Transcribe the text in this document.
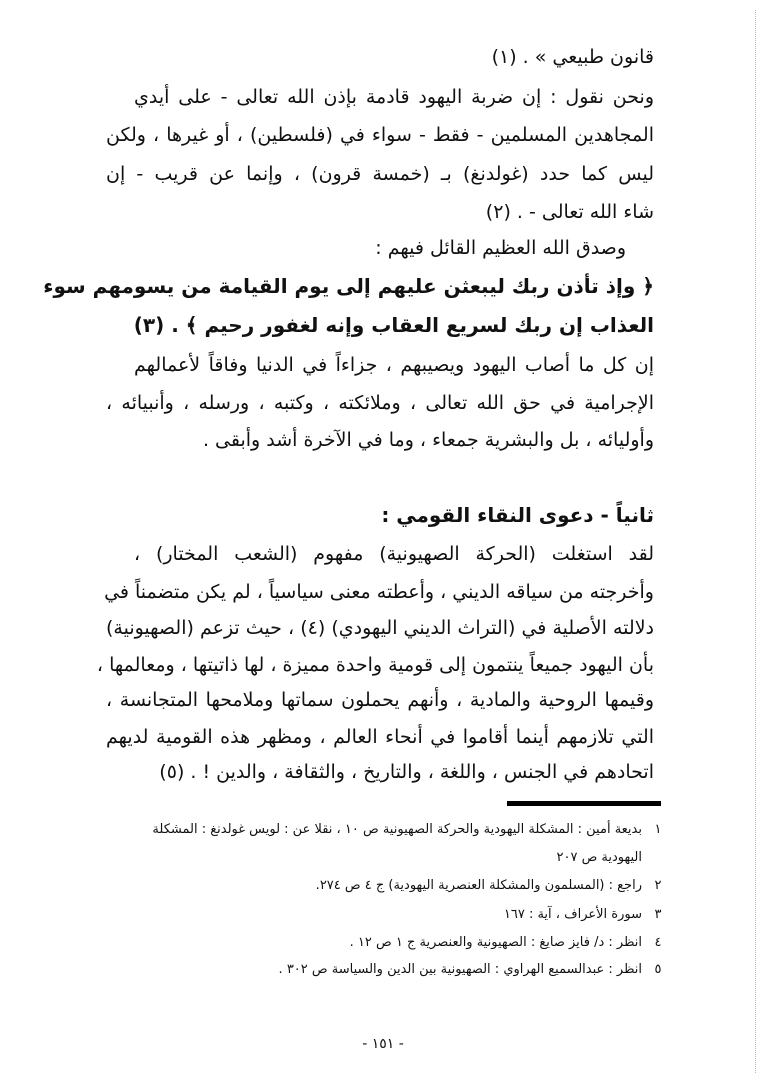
قانون طبيعي » . (١)
ونحن نقول : إن ضربة اليهود قادمة بإذن الله تعالى - على أيدي
المجاهدين المسلمين - فقط - سواء في (فلسطين) ، أو غيرها ، ولكن
ليس كما حدد (غولدنغ) بـ (خمسة قرون) ، وإنما عن قريب - إن
شاء الله تعالى - . (٢)
وصدق الله العظيم القائل فيهم :
﴿ وإذ تأذن ربك ليبعثن عليهم إلى يوم القيامة من يسومهم سوء
العذاب إن ربك لسريع العقاب وإنه لغفور رحيم ﴾ . (٣)
إن كل ما أصاب اليهود ويصيبهم ، جزاءاً في الدنيا وفاقاً لأعمالهم
الإجرامية في حق الله تعالى ، وملائكته ، وكتبه ، ورسله ، وأنبيائه ،
وأوليائه ، بل والبشرية جمعاء ، وما في الآخرة أشد وأبقى .
ثانياً - دعوى النقاء القومي :
لقد استغلت (الحركة الصهيونية) مفهوم (الشعب المختار) ،
وأخرجته من سياقه الديني ، وأعطته معنى سياسياً ، لم يكن متضمناً في
دلالته الأصلية في (التراث الديني اليهودي) (٤) ، حيث تزعم (الصهيونية)
بأن اليهود جميعاً ينتمون إلى قومية واحدة مميزة ، لها ذاتيتها ، ومعالمها ،
وقيمها الروحية والمادية ، وأنهم يحملون سماتها وملامحها المتجانسة ،
التي تلازمهم أينما أقاموا في أنحاء العالم ، ومظهر هذه القومية لديهم
اتحادهم في الجنس ، واللغة ، والتاريخ ، والثقافة ، والدين ! . (٥)
١بديعة أمين : المشكلة اليهودية والحركة الصهيونية ص ١٠ ، نقلا عن : لويس غولدنغ : المشكلة
اليهودية ص ٢٠٧
٢راجع : (المسلمون والمشكلة العنصرية اليهودية) ج ٤ ص ٢٧٤.
٣سورة الأعراف ، آية : ١٦٧
٤انظر : د/ فايز صايغ : الصهيونية والعنصرية ج ١ ص ١٢ .
٥انظر : عبدالسميع الهراوي : الصهيونية بين الدين والسياسة ص ٣٠٢ .
- ١٥١ -
